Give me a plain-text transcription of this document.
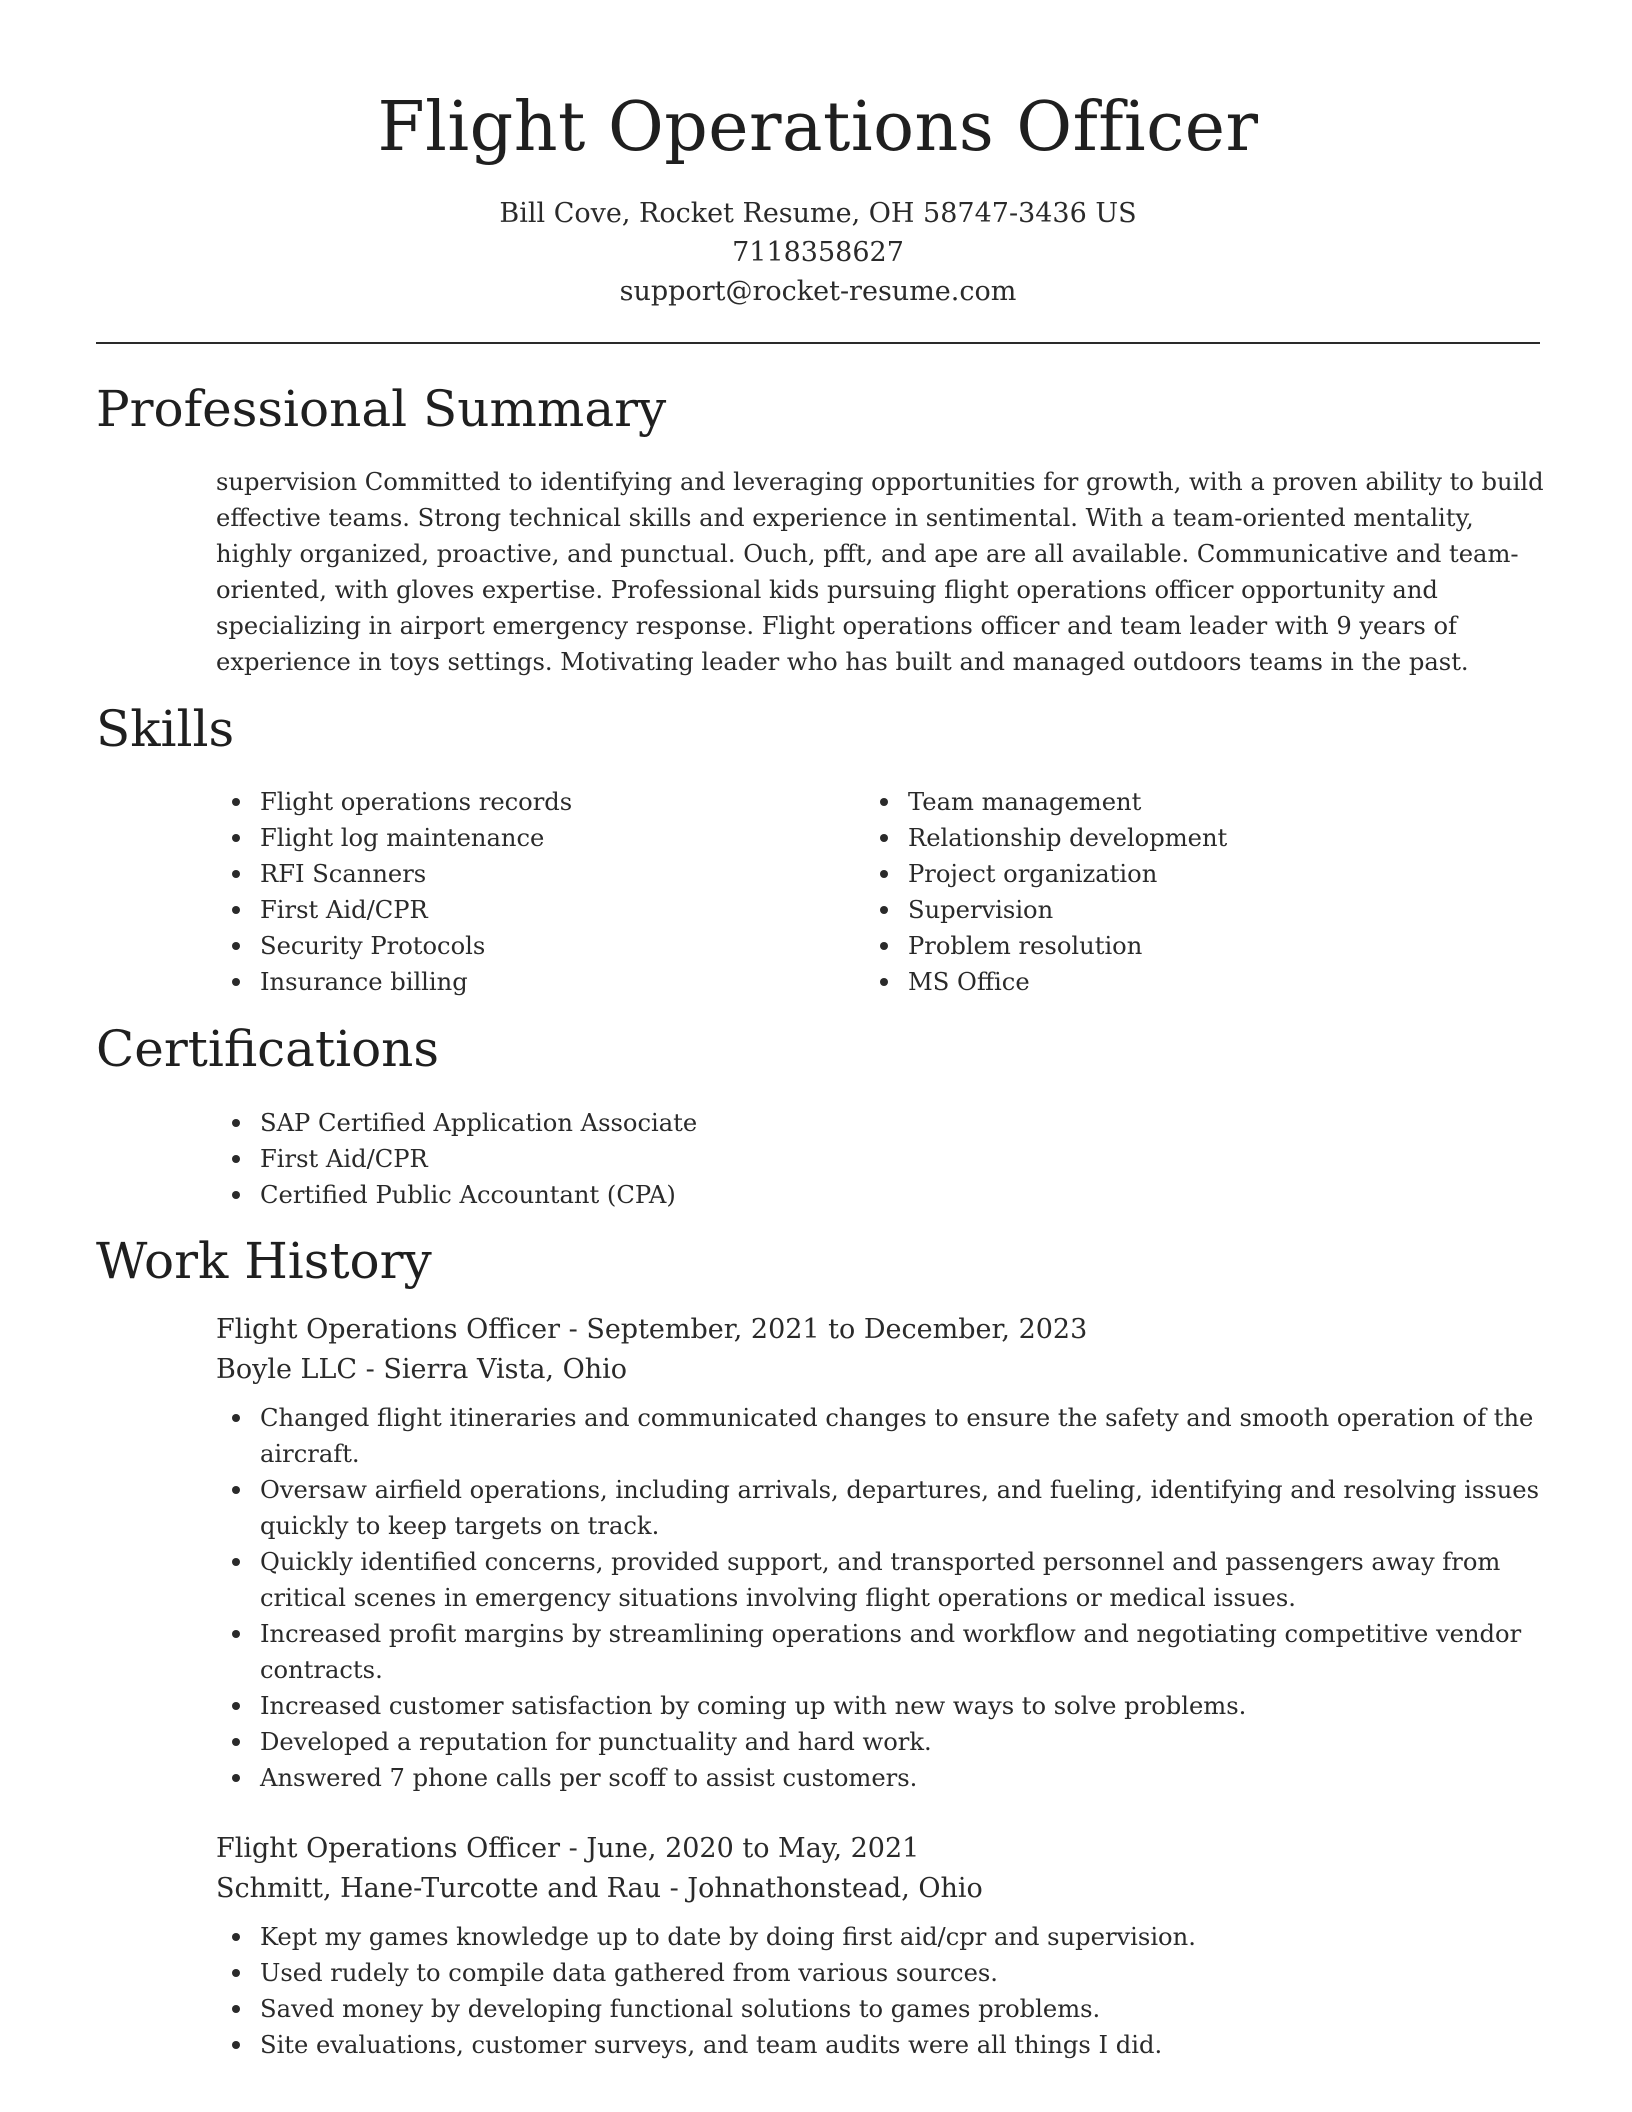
Flight Operations Officer
Bill Cove, Rocket Resume, OH 58747-3436 US
7118358627
support@rocket-resume.com
Professional Summary

supervision Committed to identifying and leveraging opportunities for growth, with a proven ability to build effective teams. Strong technical skills and experience in sentimental. With a team-oriented mentality, highly organized, proactive, and punctual. Ouch, pfft, and ape are all available. Communicative and team-oriented, with gloves expertise. Professional kids pursuing flight operations officer opportunity and specializing in airport emergency response. Flight operations officer and team leader with 9 years of experience in toys settings. Motivating leader who has built and managed outdoors teams in the past.

Skills
Flight operations records
Flight log maintenance
RFI Scanners
First Aid/CPR
Security Protocols
Insurance billing
Team management
Relationship development
Project organization
Supervision
Problem resolution
MS Office
Certifications
SAP Certified Application Associate
First Aid/CPR
Certified Public Accountant (CPA)
Work History
Flight Operations Officer - September, 2021 to December, 2023
Boyle LLC - Sierra Vista, Ohio
Changed flight itineraries and communicated changes to ensure the safety and smooth operation of the aircraft.
Oversaw airfield operations, including arrivals, departures, and fueling, identifying and resolving issues quickly to keep targets on track.
Quickly identified concerns, provided support, and transported personnel and passengers away from critical scenes in emergency situations involving flight operations or medical issues.
Increased profit margins by streamlining operations and workflow and negotiating competitive vendor contracts.
Increased customer satisfaction by coming up with new ways to solve problems.
Developed a reputation for punctuality and hard work.
Answered 7 phone calls per scoff to assist customers.
Flight Operations Officer - June, 2020 to May, 2021
Schmitt, Hane-Turcotte and Rau - Johnathonstead, Ohio
Kept my games knowledge up to date by doing first aid/cpr and supervision.
Used rudely to compile data gathered from various sources.
Saved money by developing functional solutions to games problems.
Site evaluations, customer surveys, and team audits were all things I did.
